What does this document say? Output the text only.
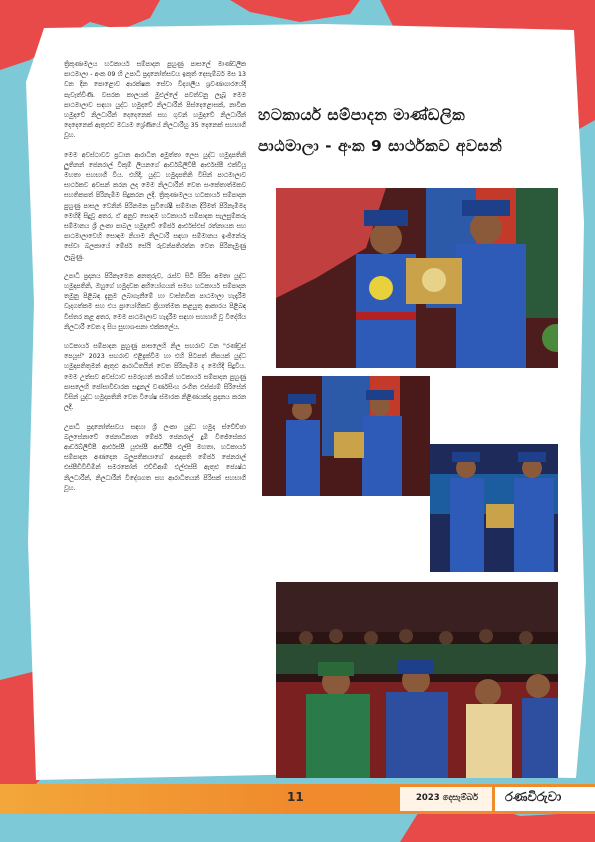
හටකාර්ය සම්පාදන මාණ්ඩලික
පාඨමාලා - අංක 9 සාර්ථකව අවසන්

ත්‍රිකුණාමලය හටකාර්ය සම්පාදන පුහුණු පාසලේ මාණ්ඩලික පාඨමාලා - අංක 09 හි උපාධි ප්‍රදානෝත්සවය ඉකුත් දෙසැම්බර් මස 13 වන දින පොළොව ආරක්ෂක සේවා විද්‍යාලීය ශ්‍රවණාගාරයේදී පැවැත්විණි. වසරක කාලයක් මුළුල්ලේ පවත්වනු ලැබූ මෙම පාඨමාලාව සඳහා යුද්ධ හමුදාවේ නිලධාරීන් පිස්දෙළොසක්, නාවික හමුදාවේ නිලධාරීන් දෙදෙනෙක් සහ ගුවන් හමුදාවේ නිලධාරීන් දෙදෙනෙක් ඇතුළුව මධ්‍යම ශ්‍රේණියේ නිලධාරීහු 35 දෙනෙක් සහභාගී වූහ.

මෙම අවස්ථාවට ප්‍රධාන ආරාධිත අමුත්තා ලෙස යුද්ධ හමුදාපතිනි ලුතිනන් ජෙනරාල් විකුම් ලියනගේ ආර්ඩබ්ලිව්පී ආර්එස්පී එක්වියූ මහතා සහභාගී විය. එහිදී, යුද්ධ හමුදාපතිනි විසින් පාඨමාලාව සාර්ථකව අවසන් කරන ලද මෙම නිලධාරීන් වෙත සංකේතාත්මකව සහතිකපත් පිරිනැමීම සිදුකරන ලදී. ත්‍රිකුණාමලය හටකාර්ය සම්පාදන පුහුණු පාසල වෙනින් පිරිනමන සුවිශේෂී සම්මාන දිරිමත් පිරිනැමීමද මෙහිදී සිදුවූ අතර, ඒ අනුව සොඳම හටකාර්ය සම්පාදක සැලසුම්කරු සම්මානය ශ්‍රී ලංකා පාබල හමුදාවේ මේජර් ආර්එස්එස් රත්නායක සහ පාඨමාලාවෙහි සොඳම නියාම නිලධාරී සඳහා සම්මානය ඉංජිනේරු සේවා බලකායේ මේජර් සේයි රුවන්පතිරත්න වෙත පිරිනැමුණු ලැබුණු.

උපාධි ප්‍රදානය පිරිනැමෙන අනතුරුව, රැස්ව සිටි පිරිස අමතා යුද්ධ හමුදාපතිනි, ඔහුගේ හමුදාවක අභියෝගයන් සමඟ හටකාර්ය සම්පාදන තමුනු පිළිබඳ දැනුම ලබාගැනීමේ හා වාස්තවික පාඨමාලා හැදෑරීම වැදගත්කම සහ එය ප්‍රායෝගිකව ක්‍රියාත්මක කළයුතු ආකාරය පිළිබඳ විස්තර කළ අතර, මෙම පාඨමාලාව හැදෑරීම සඳහා සහභාගී වූ විදේශීය නිලධාරී වෙත ද සිය සුභාශංසනා එක්කලේය.

හටකාර්ය සම්පාදන පුහුණු පාසලෙහි නිල සඟරාව වන "රණ්ඩ්‍රස් පෙයූස්" 2023 සඟරාව එළිදැක්වීම හා එහි පිටපත් කීපයක් යුද්ධ හමුදාපතිතුමන් ඇතුළු ආරාධිතයින් වෙත පිරිනැමීම ද මෙහිදී සිදුවිය. මෙම උත්සව අවස්ථාව සමරුහන් කරමින් හටකාර්ය සම්පාදන පුහුණු පාසලෙහි ජෝසාවිචාරක සඳුනල් වර්ණසිංහ රංගීත එස්ජ්‍යම් සිරිසේන් විසින් යුද්ධ හමුදාපතිනි වෙත විශේෂ ස්මාරක නිළිණයක්ද ප්‍රදානය කරන ලදී.

උපාධි ප්‍රදානෝත්සවය සඳහා ශ්‍රී ලංකා යුද්ධ හමුදා ස්වේච්ඡා බලසේනාවේ ජෙනාධිකාන මේජර් ජෙනරාල් දුමී විජේසේකර ආර්ඩබ්ලිව්පී ආර්එස්පී යූඑස්පී ආර්ඩීපී එල්සී මහතා, හටකාර්ය සම්පාදන අණදෙන බලුපතිකයාගේ ආඥාපති මේජර් ජෙනරාල් එස්පීඩීවීඩීමින් සමරකෝන් එච්ඩීආම් එල්එස්සී ඇතුළු ජ්‍යෙෂ්ඨ නිලධාරීන්, නිලධාරීන් විදේශගත සහ ආරාධිතයන් පිරිසක් සහභාගී වූහ.

11	2023 දෙසැම්බර් රණවිරුවා
